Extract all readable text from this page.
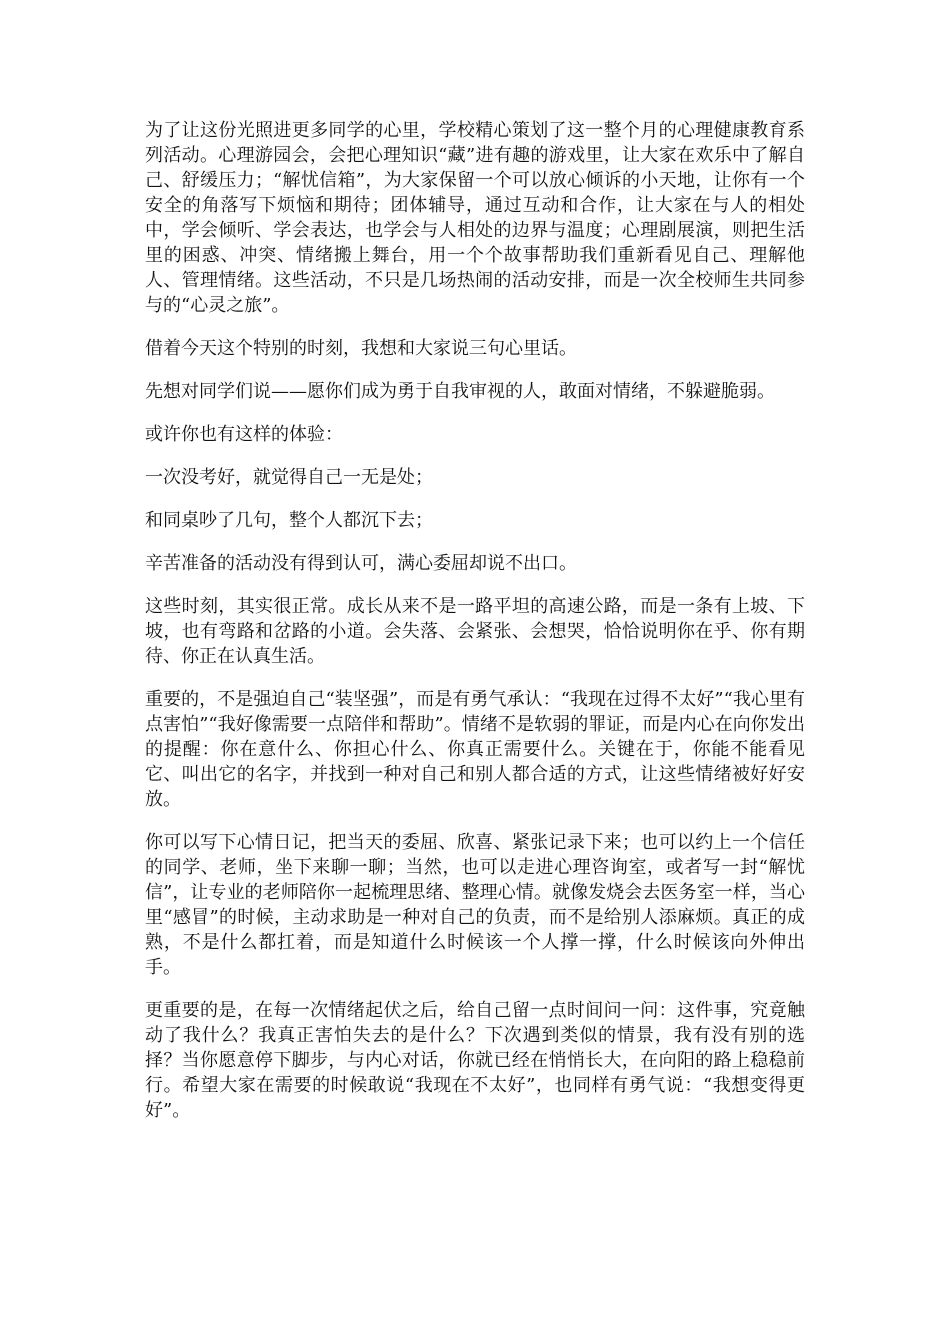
为了让这份光照进更多同学的心里，学校精心策划了这一整个月的心理健康教育系列活动。心理游园会，会把心理知识“藏”进有趣的游戏里，让大家在欢乐中了解自己、舒缓压力；“解忧信箱”，为大家保留一个可以放心倾诉的小天地，让你有一个安全的角落写下烦恼和期待；团体辅导，通过互动和合作，让大家在与人的相处中，学会倾听、学会表达，也学会与人相处的边界与温度；心理剧展演，则把生活里的困惑、冲突、情绪搬上舞台，用一个个故事帮助我们重新看见自己、理解他人、管理情绪。这些活动，不只是几场热闹的活动安排，而是一次全校师生共同参与的“心灵之旅”。

借着今天这个特别的时刻，我想和大家说三句心里话。

先想对同学们说——愿你们成为勇于自我审视的人，敢面对情绪，不躲避脆弱。

或许你也有这样的体验：

一次没考好，就觉得自己一无是处；

和同桌吵了几句，整个人都沉下去；

辛苦准备的活动没有得到认可，满心委屈却说不出口。

这些时刻，其实很正常。成长从来不是一路平坦的高速公路，而是一条有上坡、下坡，也有弯路和岔路的小道。会失落、会紧张、会想哭，恰恰说明你在乎、你有期待、你正在认真生活。

重要的，不是强迫自己“装坚强”，而是有勇气承认：“我现在过得不太好”“我心里有点害怕”“我好像需要一点陪伴和帮助”。情绪不是软弱的罪证，而是内心在向你发出的提醒：你在意什么、你担心什么、你真正需要什么。关键在于，你能不能看见它、叫出它的名字，并找到一种对自己和别人都合适的方式，让这些情绪被好好安放。

你可以写下心情日记，把当天的委屈、欣喜、紧张记录下来；也可以约上一个信任的同学、老师，坐下来聊一聊；当然，也可以走进心理咨询室，或者写一封“解忧信”，让专业的老师陪你一起梳理思绪、整理心情。就像发烧会去医务室一样，当心里“感冒”的时候，主动求助是一种对自己的负责，而不是给别人添麻烦。真正的成熟，不是什么都扛着，而是知道什么时候该一个人撑一撑，什么时候该向外伸出手。

更重要的是，在每一次情绪起伏之后，给自己留一点时间问一问：这件事，究竟触动了我什么？我真正害怕失去的是什么？下次遇到类似的情景，我有没有别的选择？当你愿意停下脚步，与内心对话，你就已经在悄悄长大，在向阳的路上稳稳前行。希望大家在需要的时候敢说“我现在不太好”，也同样有勇气说：“我想变得更好”。
